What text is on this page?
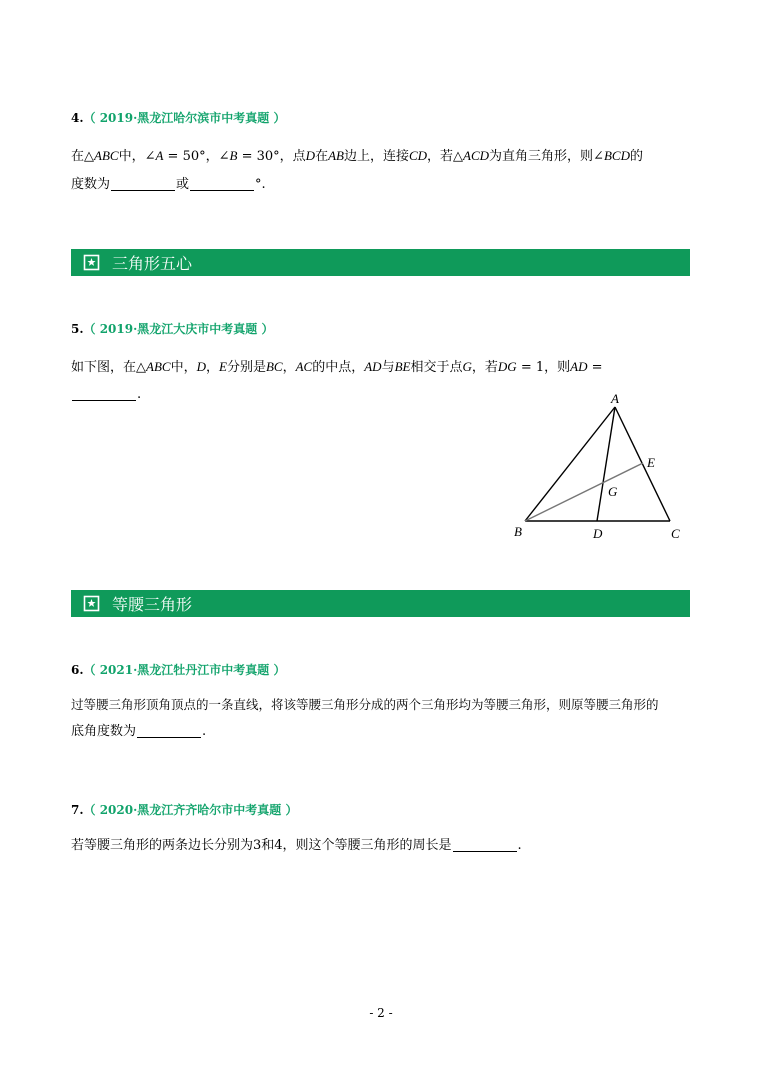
4.（ 2019·黑龙江哈尔滨市中考真题 ）
在△ABC中，∠A = 50°，∠B = 30°，点D在AB边上，连接CD，若△ACD为直角三角形，则∠BCD的
度数为	或	°.
三角形五心
5.（ 2019·黑龙江大庆市中考真题 ）
如下图，在△ABC中，D，E分别是BC，AC的中点，AD与BE相交于点G，若DG = 1，则AD =
.	A
B	C
D
E
G
等腰三角形
6.（ 2021·黑龙江牡丹江市中考真题 ）
过等腰三角形顶角顶点的一条直线，将该等腰三角形分成的两个三角形均为等腰三角形，则原等腰三角形的
底角度数为	.
7.（ 2020·黑龙江齐齐哈尔市中考真题 ）
若等腰三角形的两条边长分别为3和4，则这个等腰三角形的周长是	.
- 2 -
